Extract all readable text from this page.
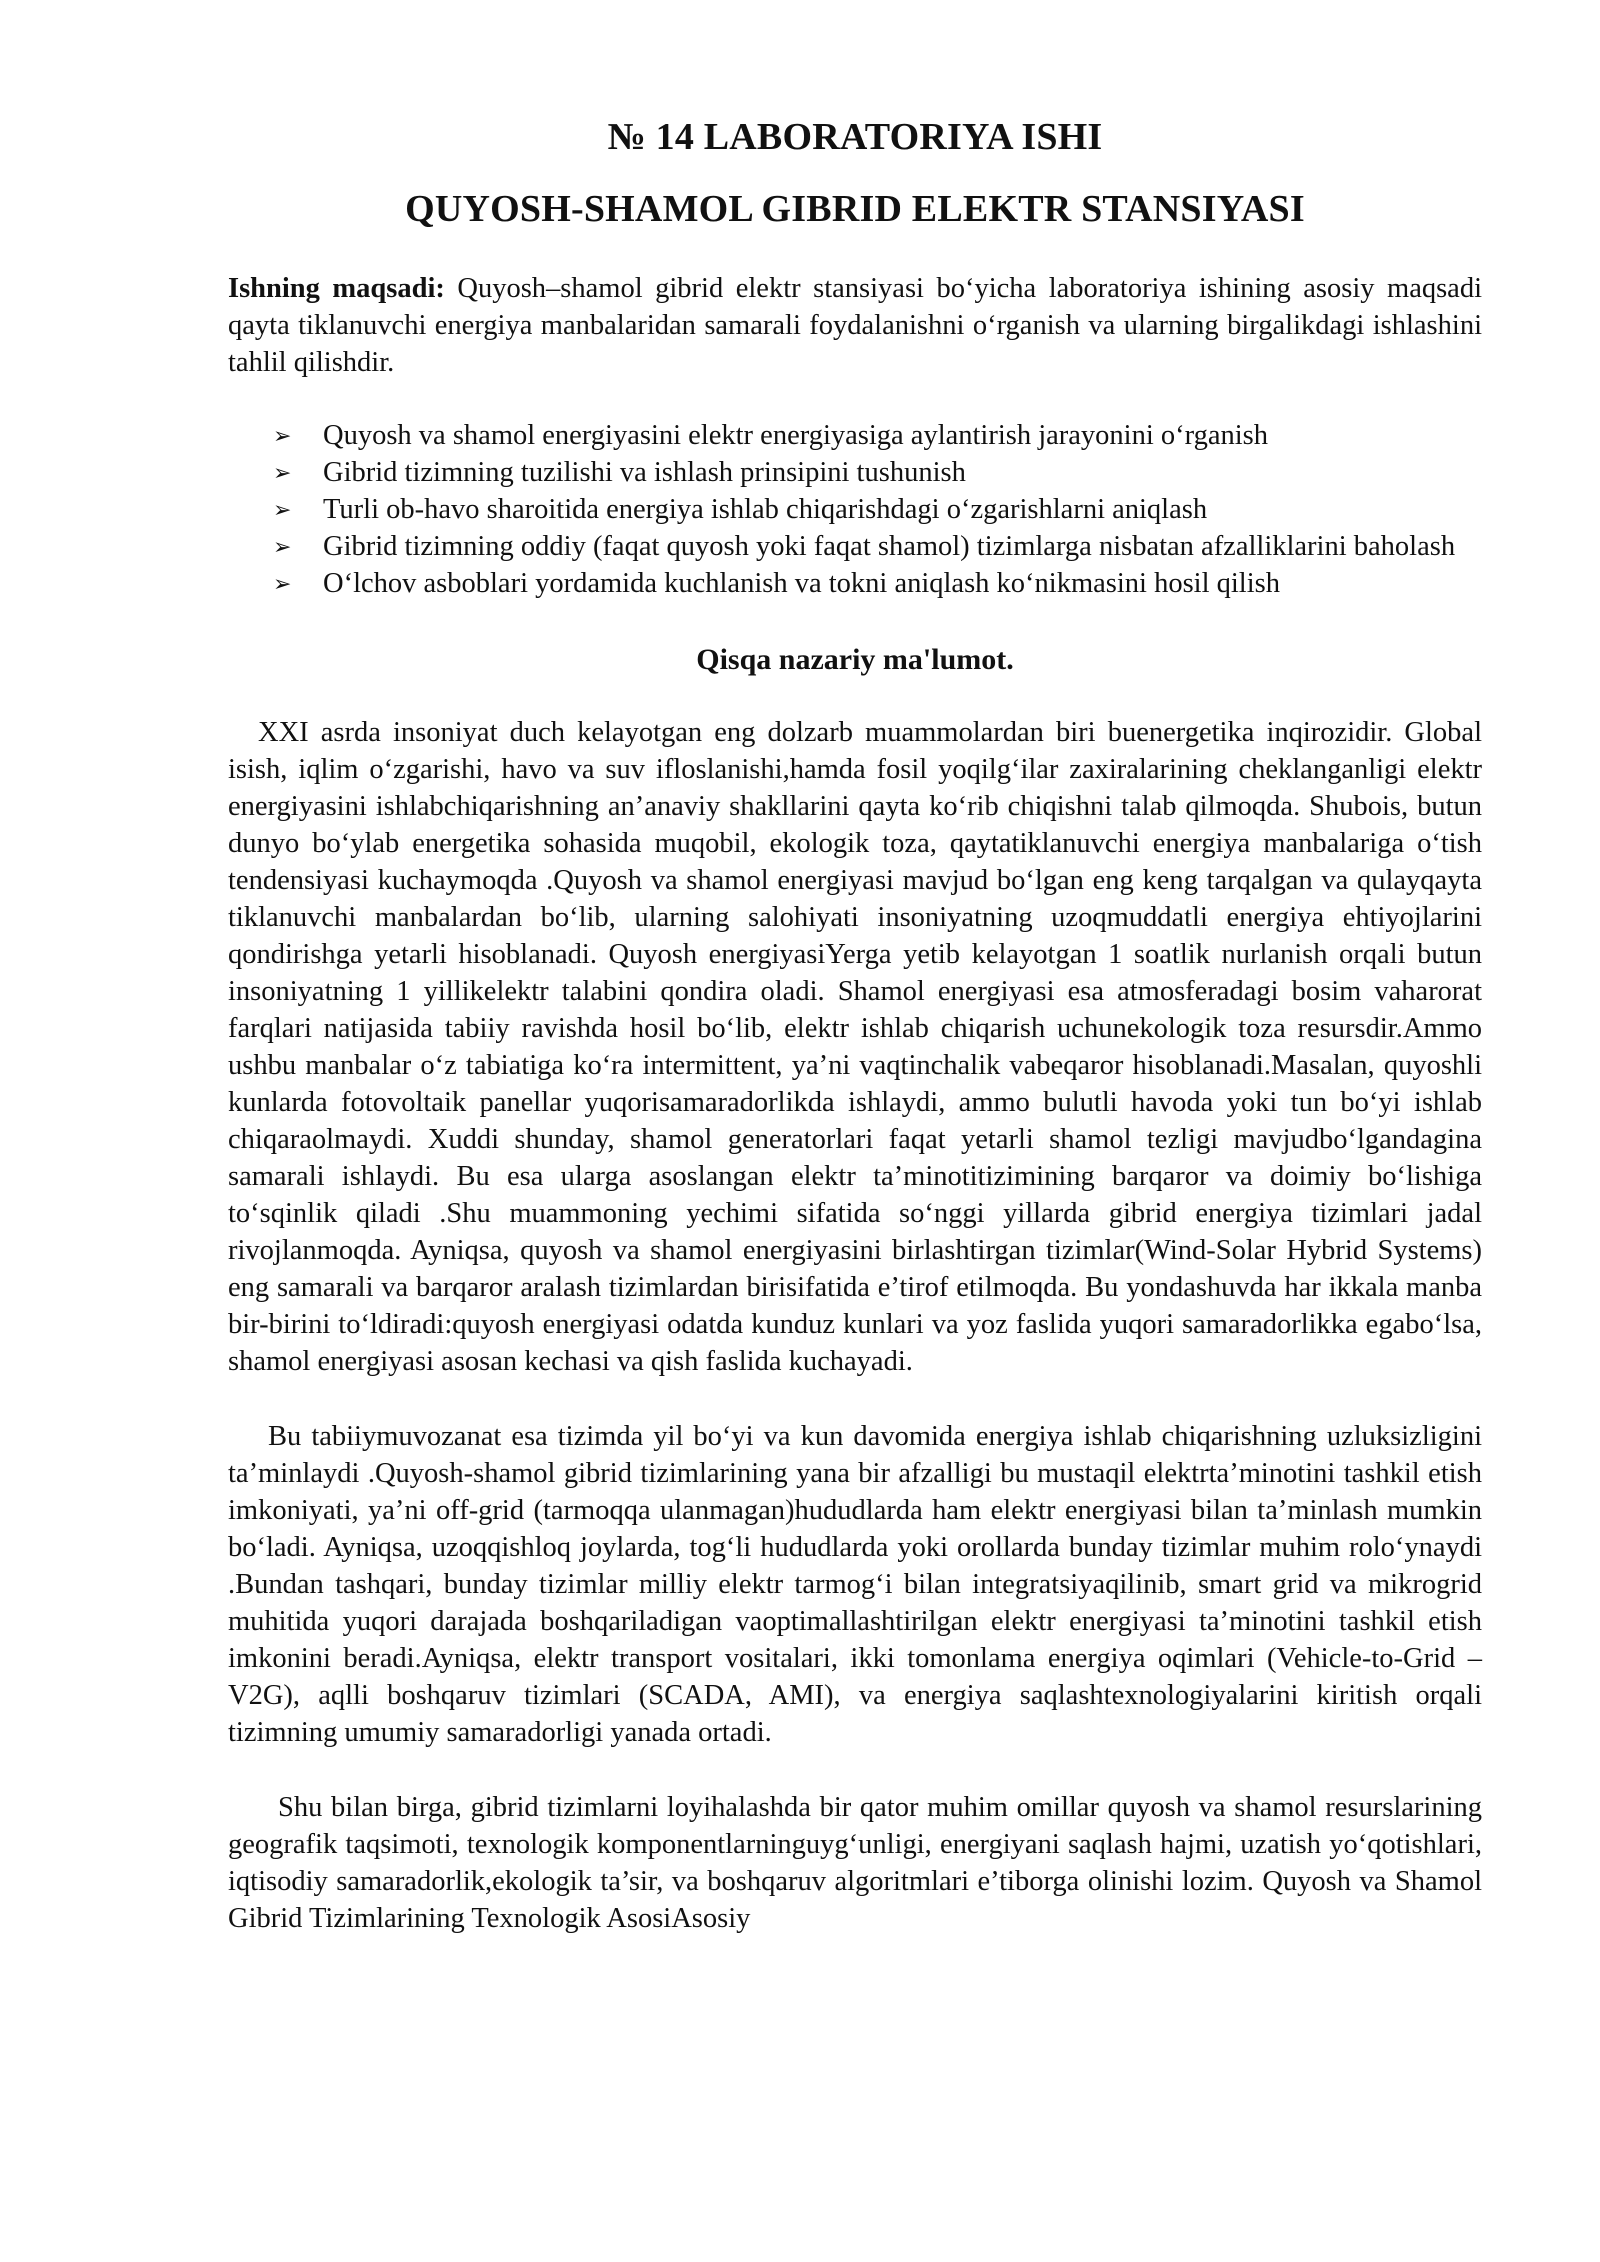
№ 14 LABORATORIYA ISHI
QUYOSH-SHAMOL GIBRID ELEKTR STANSIYASI

Ishning maqsadi: Quyosh–shamol gibrid elektr stansiyasi bo‘yicha laboratoriya ishining asosiy maqsadi qayta tiklanuvchi energiya manbalaridan samarali foydalanishni o‘rganish va ularning birgalikdagi ishlashini tahlil qilishdir.

➢ Quyosh va shamol energiyasini elektr energiyasiga aylantirish jarayonini o‘rganish
➢ Gibrid tizimning tuzilishi va ishlash prinsipini tushunish
➢ Turli ob-havo sharoitida energiya ishlab chiqarishdagi o‘zgarishlarni aniqlash
➢ Gibrid tizimning oddiy (faqat quyosh yoki faqat shamol) tizimlarga nisbatan afzalliklarini baholash
➢ O‘lchov asboblari yordamida kuchlanish va tokni aniqlash ko‘nikmasini hosil qilish
Qisqa nazariy ma'lumot.

XXI asrda insoniyat duch kelayotgan eng dolzarb muammolardan biri buenergetika inqirozidir. Global isish, iqlim o‘zgarishi, havo va suv ifloslanishi,hamda fosil yoqilg‘ilar zaxiralarining cheklanganligi elektr energiyasini ishlabchiqarishning an’anaviy shakllarini qayta ko‘rib chiqishni talab qilmoqda. Shubois, butun dunyo bo‘ylab energetika sohasida muqobil, ekologik toza, qaytatiklanuvchi energiya manbalariga o‘tish tendensiyasi kuchaymoqda .Quyosh va shamol energiyasi mavjud bo‘lgan eng keng tarqalgan va qulayqayta tiklanuvchi manbalardan bo‘lib, ularning salohiyati insoniyatning uzoqmuddatli energiya ehtiyojlarini qondirishga yetarli hisoblanadi. Quyosh energiyasiYerga yetib kelayotgan 1 soatlik nurlanish orqali butun insoniyatning 1 yillikelektr talabini qondira oladi. Shamol energiyasi esa atmosferadagi bosim vaharorat farqlari natijasida tabiiy ravishda hosil bo‘lib, elektr ishlab chiqarish uchunekologik toza resursdir.Ammo ushbu manbalar o‘z tabiatiga ko‘ra intermittent, ya’ni vaqtinchalik vabeqaror hisoblanadi.Masalan, quyoshli kunlarda fotovoltaik panellar yuqorisamaradorlikda ishlaydi, ammo bulutli havoda yoki tun bo‘yi ishlab chiqaraolmaydi. Xuddi shunday, shamol generatorlari faqat yetarli shamol tezligi mavjudbo‘lgandagina samarali ishlaydi. Bu esa ularga asoslangan elektr ta’minotitizimining barqaror va doimiy bo‘lishiga to‘sqinlik qiladi .Shu muammoning yechimi sifatida so‘nggi yillarda gibrid energiya tizimlari jadal rivojlanmoqda. Ayniqsa, quyosh va shamol energiyasini birlashtirgan tizimlar(Wind-Solar Hybrid Systems) eng samarali va barqaror aralash tizimlardan birisifatida e’tirof etilmoqda. Bu yondashuvda har ikkala manba bir-birini to‘ldiradi:quyosh energiyasi odatda kunduz kunlari va yoz faslida yuqori samaradorlikka egabo‘lsa, shamol energiyasi asosan kechasi va qish faslida kuchayadi.

Bu tabiiymuvozanat esa tizimda yil bo‘yi va kun davomida energiya ishlab chiqarishning uzluksizligini ta’minlaydi .Quyosh-shamol gibrid tizimlarining yana bir afzalligi bu mustaqil elektrta’minotini tashkil etish imkoniyati, ya’ni off-grid (tarmoqqa ulanmagan)hududlarda ham elektr energiyasi bilan ta’minlash mumkin bo‘ladi. Ayniqsa, uzoqqishloq joylarda, tog‘li hududlarda yoki orollarda bunday tizimlar muhim rolo‘ynaydi .Bundan tashqari, bunday tizimlar milliy elektr tarmog‘i bilan integratsiyaqilinib, smart grid va mikrogrid muhitida yuqori darajada boshqariladigan vaoptimallashtirilgan elektr energiyasi ta’minotini tashkil etish imkonini beradi.Ayniqsa, elektr transport vositalari, ikki tomonlama energiya oqimlari (Vehicle-to-Grid – V2G), aqlli boshqaruv tizimlari (SCADA, AMI), va energiya saqlashtexnologiyalarini kiritish orqali tizimning umumiy samaradorligi yanada ortadi.

Shu bilan birga, gibrid tizimlarni loyihalashda bir qator muhim omillar quyosh va shamol resurslarining geografik taqsimoti, texnologik komponentlarninguyg‘unligi, energiyani saqlash hajmi, uzatish yo‘qotishlari, iqtisodiy samaradorlik,ekologik ta’sir, va boshqaruv algoritmlari e’tiborga olinishi lozim. Quyosh va Shamol Gibrid Tizimlarining Texnologik AsosiAsosiy
